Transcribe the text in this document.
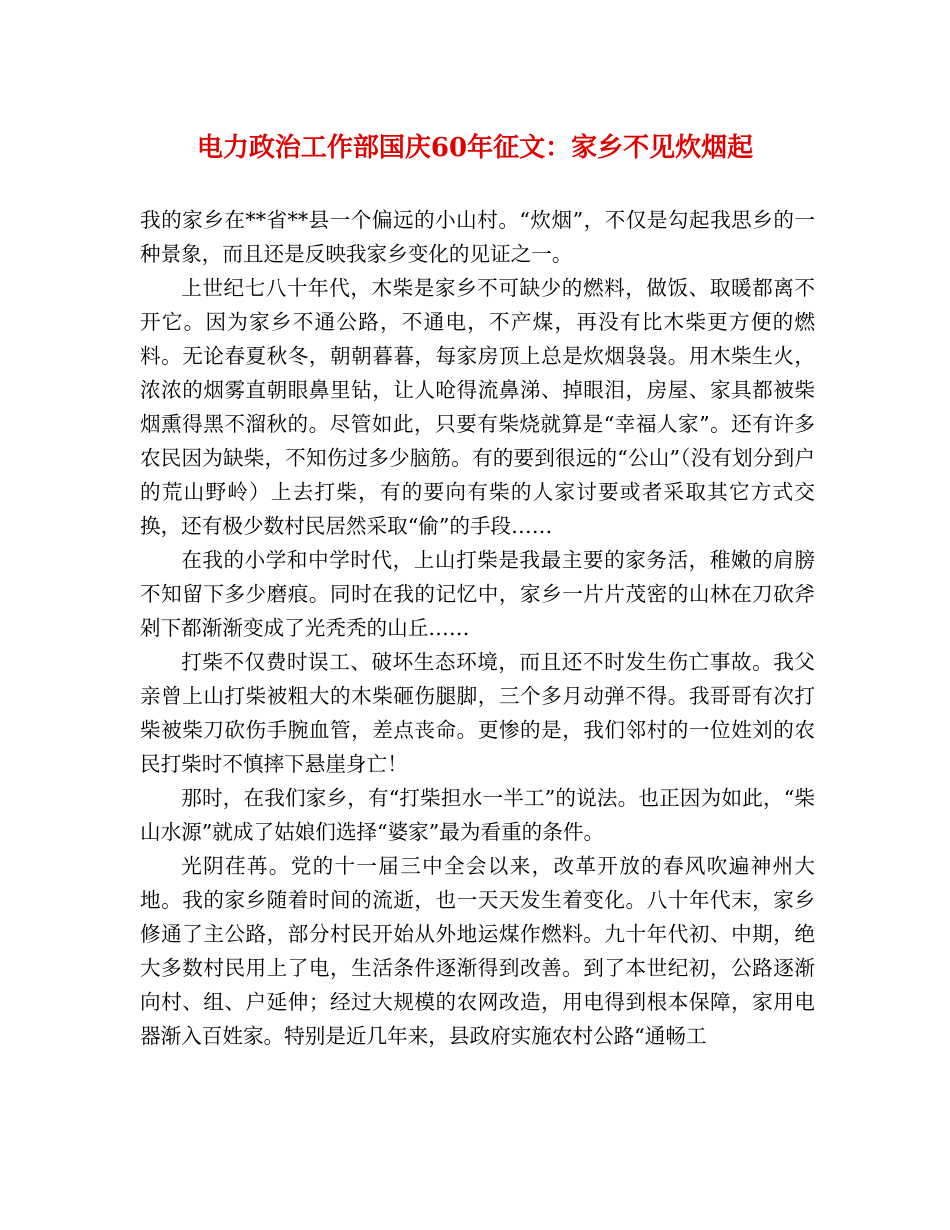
电力政治工作部国庆60年征文：家乡不见炊烟起

我的家乡在**省**县一个偏远的小山村。“炊烟”，不仅是勾起我思乡的一种景象，而且还是反映我家乡变化的见证之一。

上世纪七八十年代，木柴是家乡不可缺少的燃料，做饭、取暖都离不开它。因为家乡不通公路，不通电，不产煤，再没有比木柴更方便的燃料。无论春夏秋冬，朝朝暮暮，每家房顶上总是炊烟袅袅。用木柴生火，浓浓的烟雾直朝眼鼻里钻，让人呛得流鼻涕、掉眼泪，房屋、家具都被柴烟熏得黑不溜秋的。尽管如此，只要有柴烧就算是“幸福人家”。还有许多农民因为缺柴，不知伤过多少脑筋。有的要到很远的“公山”（没有划分到户的荒山野岭）上去打柴，有的要向有柴的人家讨要或者采取其它方式交换，还有极少数村民居然采取“偷”的手段……

在我的小学和中学时代，上山打柴是我最主要的家务活，稚嫩的肩膀不知留下多少磨痕。同时在我的记忆中，家乡一片片茂密的山林在刀砍斧剁下都渐渐变成了光秃秃的山丘……

打柴不仅费时误工、破坏生态环境，而且还不时发生伤亡事故。我父亲曾上山打柴被粗大的木柴砸伤腿脚，三个多月动弹不得。我哥哥有次打柴被柴刀砍伤手腕血管，差点丧命。更惨的是，我们邻村的一位姓刘的农民打柴时不慎摔下悬崖身亡！

那时，在我们家乡，有“打柴担水一半工”的说法。也正因为如此，“柴山水源”就成了姑娘们选择“婆家”最为看重的条件。

光阴荏苒。党的十一届三中全会以来，改革开放的春风吹遍神州大地。我的家乡随着时间的流逝，也一天天发生着变化。八十年代末，家乡修通了主公路，部分村民开始从外地运煤作燃料。九十年代初、中期，绝大多数村民用上了电，生活条件逐渐得到改善。到了本世纪初，公路逐渐向村、组、户延伸；经过大规模的农网改造，用电得到根本保障，家用电器渐入百姓家。特别是近几年来，县政府实施农村公路“通畅工
